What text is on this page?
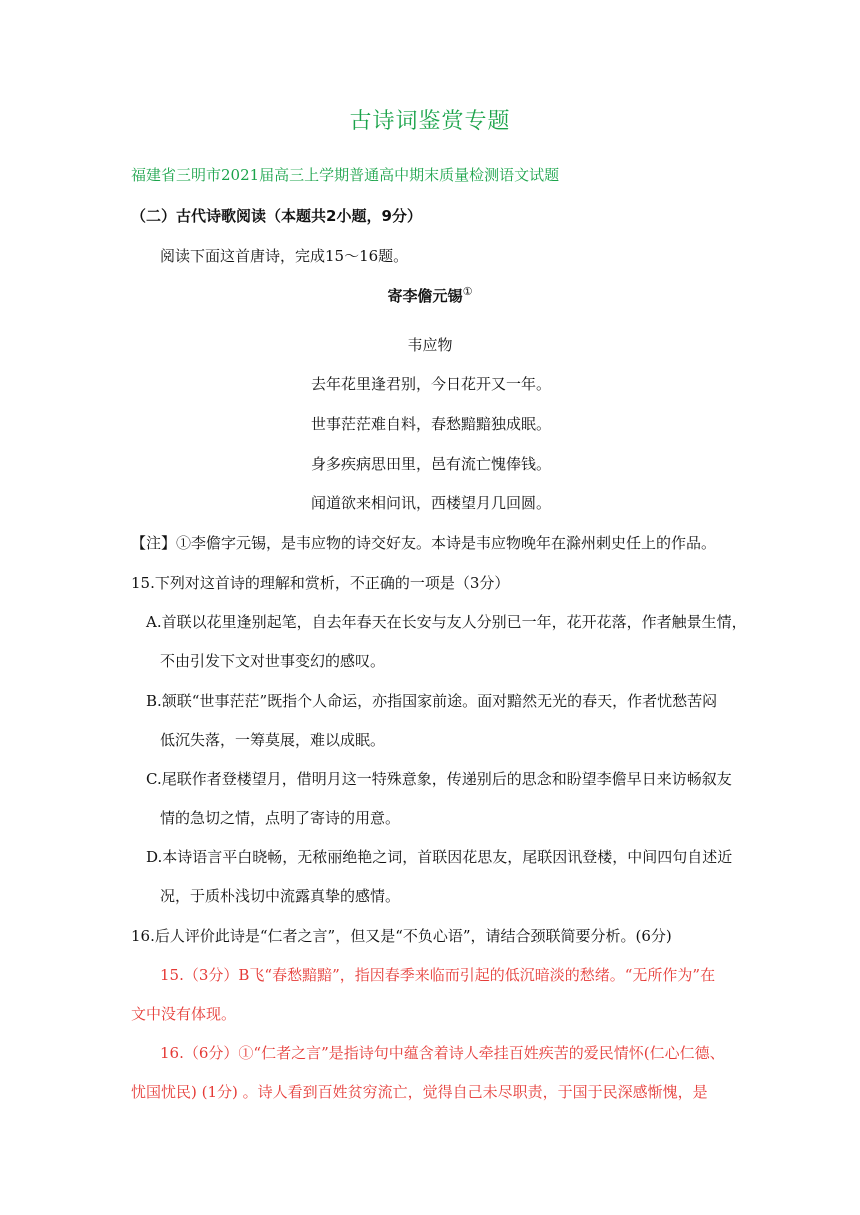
古诗词鉴赏专题
福建省三明市2021届高三上学期普通高中期末质量检测语文试题
（二）古代诗歌阅读（本题共2小题，9分）
阅读下面这首唐诗，完成15～16题。
寄李儋元锡①
韦应物
去年花里逢君别，今日花开又一年。
世事茫茫难自料，春愁黯黯独成眠。
身多疾病思田里，邑有流亡愧俸钱。
闻道欲来相问讯，西楼望月几回圆。
【注】①李儋字元锡，是韦应物的诗交好友。本诗是韦应物晚年在滁州刺史任上的作品。
15.下列对这首诗的理解和赏析，不正确的一项是（3分）
A.首联以花里逢别起笔，自去年春天在长安与友人分别已一年，花开花落，作者触景生情，
不由引发下文对世事变幻的感叹。
B.颔联“世事茫茫”既指个人命运，亦指国家前途。面对黯然无光的春天，作者忧愁苦闷
低沉失落，一筹莫展，难以成眠。
C.尾联作者登楼望月，借明月这一特殊意象，传递别后的思念和盼望李儋早日来访畅叙友
情的急切之情，点明了寄诗的用意。
D.本诗语言平白晓畅，无秾丽绝艳之词，首联因花思友，尾联因讯登楼，中间四句自述近
况，于质朴浅切中流露真挚的感情。
16.后人评价此诗是“仁者之言”，但又是“不负心语”，请结合颈联简要分析。(6分)
15.（3分）B飞“春愁黯黯”，指因春季来临而引起的低沉暗淡的愁绪。“无所作为”在
文中没有体现。
16.（6分）①“仁者之言”是指诗句中蕴含着诗人牵挂百姓疾苦的爱民情怀(仁心仁德、
忧国忧民) (1分) 。诗人看到百姓贫穷流亡，觉得自己未尽职责，于国于民深感惭愧，是
